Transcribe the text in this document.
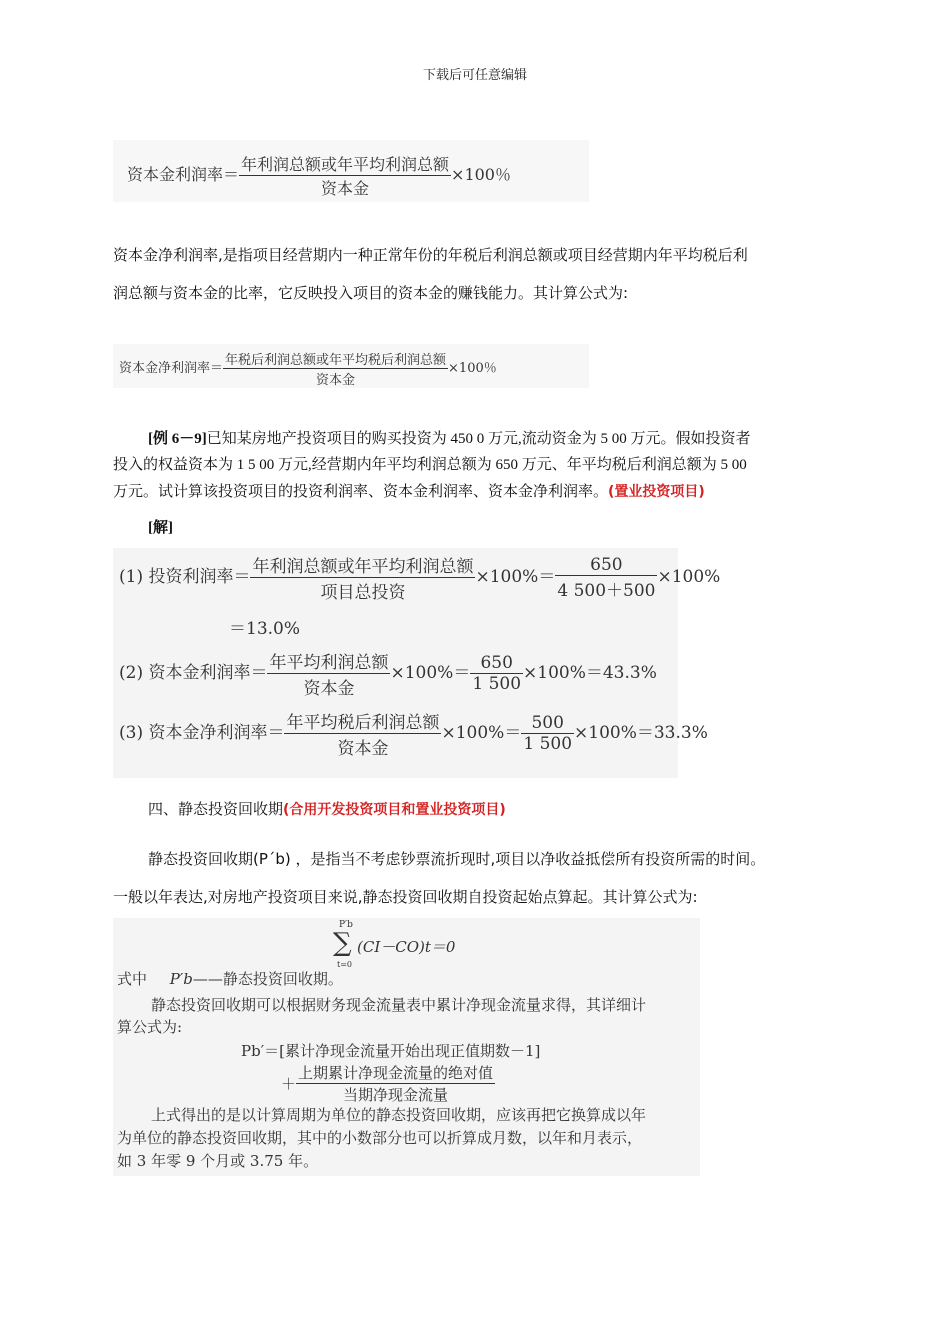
下载后可任意编辑
资本金利润率＝ $\frac{\text{年利润总额或年平均利润总额}}{\text{资本金}} \times 100$％
资本金净利润率,是指项目经营期内一种正常年份的年税后利润总额或项目经营期内年平均税后利
润总额与资本金的比率，它反映投入项目的资本金的赚钱能力。其计算公式为:
资本金净利润率＝ $\frac{\text{年税后利润总额或年平均税后利润总额}}{\text{资本金}} \times 100$％
[例 6－9]已知某房地产投资项目的购买投资为 450 0 万元,流动资金为 5 00 万元。假如投资者
投入的权益资本为 1 5 00 万元,经营期内年平均利润总额为 650 万元、年平均税后利润总额为 5 00
万元。试计算该投资项目的投资利润率、资本金利润率、资本金净利润率。(置业投资项目)
[解]
(1) 投资利润率＝ $\frac{\text{年利润总额或年平均利润总额}}{\text{项目总投资}} \times 100\%= \frac{650}{4 500+500} \times 100\%$
＝13.0%
(2) 资本金利润率＝ $\frac{\text{年平均利润总额}}{\text{资本金}} \times 100\%= \frac{650}{1 500} \times 100\%=43.3\%$
(3) 资本金净利润率＝ $\frac{\text{年平均税后利润总额}}{\text{资本金}} \times 100\%= \frac{500}{1 500} \times 100\%=33.3\%$
四、静态投资回收期(合用开发投资项目和置业投资项目)
静态投资回收期(P´b) ，是指当不考虑钞票流折现时,项目以净收益抵偿所有投资所需的时间。
一般以年表达,对房地产投资项目来说,静态投资回收期自投资起始点算起。其计算公式为:
P′b
∑
t=0
(CI－CO)t＝0
式中 P′b——静态投资回收期。
静态投资回收期可以根据财务现金流量表中累计净现金流量求得，其详细计
算公式为:
Pb′＝[累计净现金流量开始出现正值期数－1]
＋ $\frac{\text{上期累计净现金流量的绝对值}}{\text{当期净现金流量}}$
上式得出的是以计算周期为单位的静态投资回收期，应该再把它换算成以年
为单位的静态投资回收期，其中的小数部分也可以折算成月数，以年和月表示，
如 3 年零 9 个月或 3.75 年。
